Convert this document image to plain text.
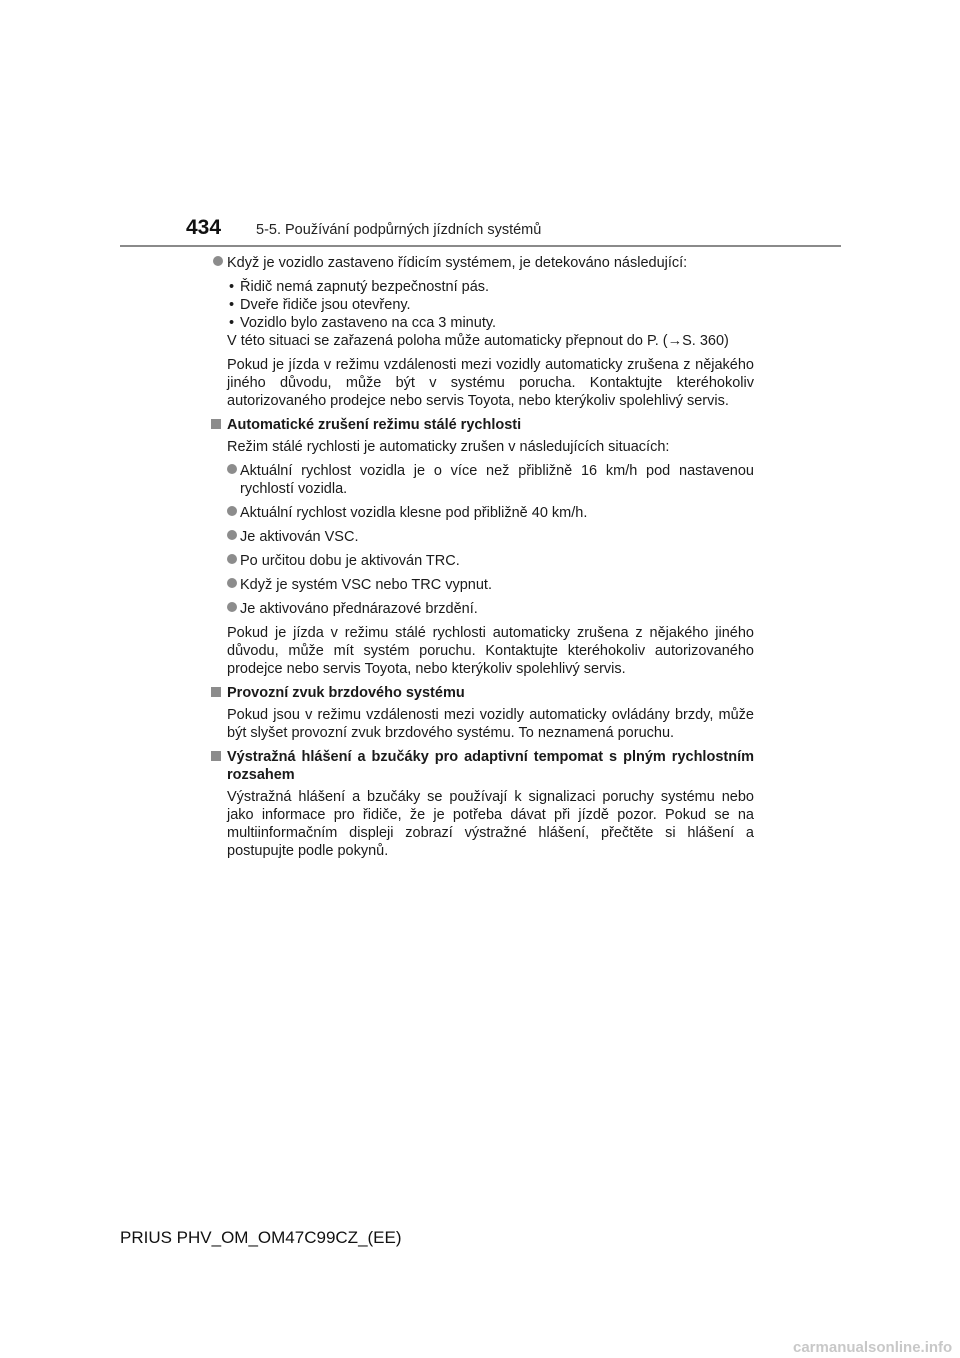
434 5-5. Používání podpůrných jízdních systémů
Když je vozidlo zastaveno řídicím systémem, je detekováno následující:
• Řidič nemá zapnutý bezpečnostní pás.
• Dveře řidiče jsou otevřeny.
• Vozidlo bylo zastaveno na cca 3 minuty.
V této situaci se zařazená poloha může automaticky přepnout do P. (→S. 360)
Pokud je jízda v režimu vzdálenosti mezi vozidly automaticky zrušena z nějakého jiného důvodu, může být v systému porucha. Kontaktujte kteréhokoliv autorizovaného prodejce nebo servis Toyota, nebo kterýkoliv spolehlivý servis.
Automatické zrušení režimu stálé rychlosti
Režim stálé rychlosti je automaticky zrušen v následujících situacích:
Aktuální rychlost vozidla je o více než přibližně 16 km/h pod nastavenou rychlostí vozidla.
Aktuální rychlost vozidla klesne pod přibližně 40 km/h.
Je aktivován VSC.
Po určitou dobu je aktivován TRC.
Když je systém VSC nebo TRC vypnut.
Je aktivováno přednárazové brzdění.
Pokud je jízda v režimu stálé rychlosti automaticky zrušena z nějakého jiného důvodu, může mít systém poruchu. Kontaktujte kteréhokoliv autorizovaného prodejce nebo servis Toyota, nebo kterýkoliv spolehlivý servis.
Provozní zvuk brzdového systému
Pokud jsou v režimu vzdálenosti mezi vozidly automaticky ovládány brzdy, může být slyšet provozní zvuk brzdového systému. To neznamená poruchu.
Výstražná hlášení a bzučáky pro adaptivní tempomat s plným rychlostním rozsahem
Výstražná hlášení a bzučáky se používají k signalizaci poruchy systému nebo jako informace pro řidiče, že je potřeba dávat při jízdě pozor. Pokud se na multiinformačním displeji zobrazí výstražné hlášení, přečtěte si hlášení a postupujte podle pokynů.
PRIUS PHV_OM_OM47C99CZ_(EE)
carmanualsonline.info
